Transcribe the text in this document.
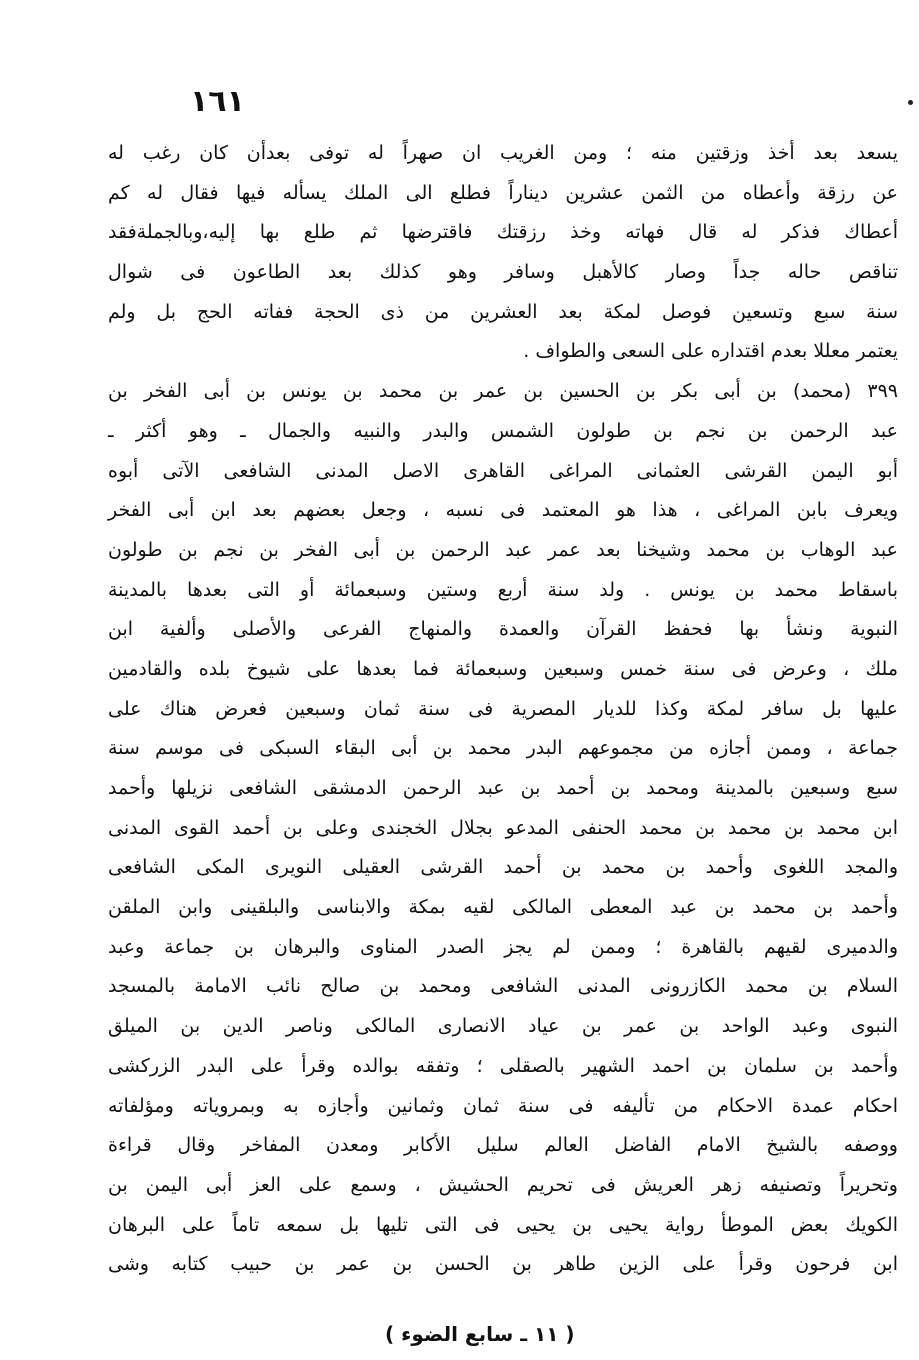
١٦١
يسعد بعد أخذ وزقتين منه ؛ ومن الغريب ان صهراً له توفى بعدأن كان رغب له
عن رزقة وأعطاه من الثمن عشرين ديناراً فطلع الى الملك يسأله فيها فقال له كم
أعطاك فذكر له قال فهاته وخذ رزقتك فاقترضها ثم طلع بها إليه،وبالجملةفقد
تناقص حاله جداً وصار كالأهبل وسافر وهو كذلك بعد الطاعون فى شوال
سنة سبع وتسعين فوصل لمكة بعد العشرين من ذى الحجة ففاته الحج بل ولم
يعتمر معللا بعدم اقتداره على السعى والطواف .
٣٩٩ (محمد) بن أبى بكر بن الحسين بن عمر بن محمد بن يونس بن أبى الفخر بن
عبد الرحمن بن نجم بن طولون الشمس والبدر والنبيه والجمال ـ وهو أكثر ـ
أبو اليمن القرشى العثمانى المراغى القاهرى الاصل المدنى الشافعى الآتى أبوه
ويعرف بابن المراغى ، هذا هو المعتمد فى نسبه ، وجعل بعضهم بعد ابن أبى الفخر
عبد الوهاب بن محمد وشيخنا بعد عمر عبد الرحمن بن أبى الفخر بن نجم بن طولون
باسقاط محمد بن يونس . ولد سنة أربع وستين وسبعمائة أو التى بعدها بالمدينة
النبوية ونشأ بها فحفظ القرآن والعمدة والمنهاج الفرعى والأصلى وألفية ابن
ملك ، وعرض فى سنة خمس وسبعين وسبعمائة فما بعدها على شيوخ بلده والقادمين
عليها بل سافر لمكة وكذا للديار المصرية فى سنة ثمان وسبعين فعرض هناك على
جماعة ، وممن أجازه من مجموعهم البدر محمد بن أبى البقاء السبكى فى موسم سنة
سبع وسبعين بالمدينة ومحمد بن أحمد بن عبد الرحمن الدمشقى الشافعى نزيلها وأحمد
ابن محمد بن محمد بن محمد الحنفى المدعو بجلال الخجندى وعلى بن أحمد القوى المدنى
والمجد اللغوى وأحمد بن محمد بن أحمد القرشى العقيلى النويرى المكى الشافعى
وأحمد بن محمد بن عبد المعطى المالكى لقيه بمكة والابناسى والبلقينى وابن الملقن
والدميرى لقيهم بالقاهرة ؛ وممن لم يجز الصدر المناوى والبرهان بن جماعة وعبد
السلام بن محمد الكازرونى المدنى الشافعى ومحمد بن صالح نائب الامامة بالمسجد
النبوى وعبد الواحد بن عمر بن عياد الانصارى المالكى وناصر الدين بن الميلق
وأحمد بن سلمان بن احمد الشهير بالصقلى ؛ وتفقه بوالده وقرأ على البدر الزركشى
احكام عمدة الاحكام من تأليفه فى سنة ثمان وثمانين وأجازه به وبمروياته ومؤلفاته
ووصفه بالشيخ الامام الفاضل العالم سليل الأكابر ومعدن المفاخر وقال قراءة
وتحريراً وتصنيفه زهر العريش فى تحريم الحشيش ، وسمع على العز أبى اليمن بن
الكويك بعض الموطأ رواية يحيى بن يحيى فى التى تليها بل سمعه تاماً على البرهان
ابن فرحون وقرأ على الزين طاهر بن الحسن بن عمر بن حبيب كتابه وشى
( ١١ ـ سابع الضوء )
